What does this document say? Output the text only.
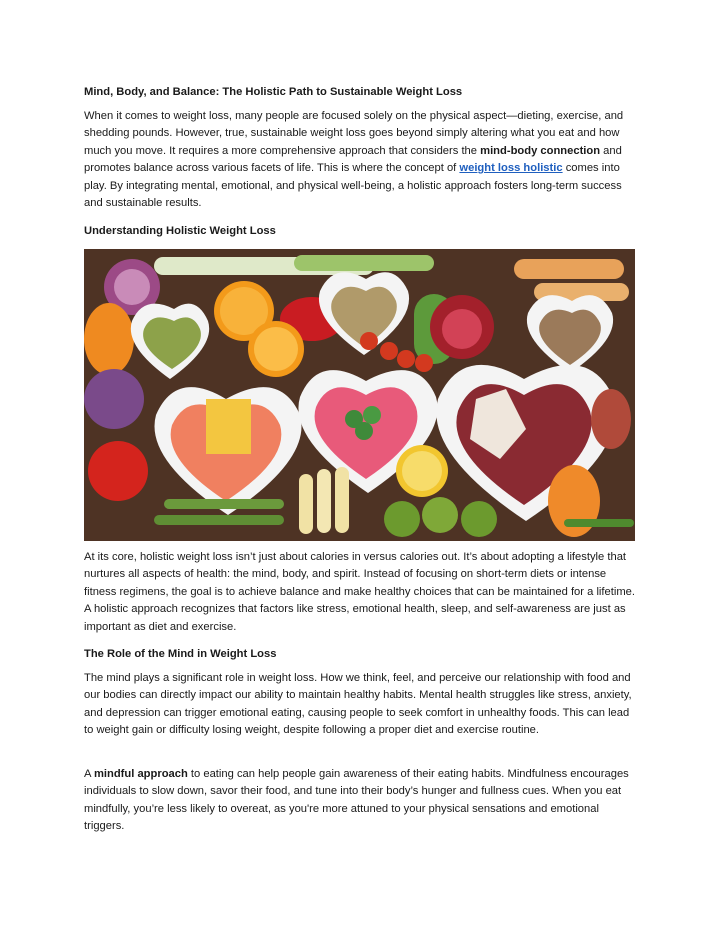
Mind, Body, and Balance: The Holistic Path to Sustainable Weight Loss

When it comes to weight loss, many people are focused solely on the physical aspect—dieting, exercise, and shedding pounds. However, true, sustainable weight loss goes beyond simply altering what you eat and how much you move. It requires a more comprehensive approach that considers the mind-body connection and promotes balance across various facets of life. This is where the concept of weight loss holistic comes into play. By integrating mental, emotional, and physical well-being, a holistic approach fosters long-term success and sustainable results.

Understanding Holistic Weight Loss

At its core, holistic weight loss isn’t just about calories in versus calories out. It’s about adopting a lifestyle that nurtures all aspects of health: the mind, body, and spirit. Instead of focusing on short-term diets or intense fitness regimens, the goal is to achieve balance and make healthy choices that can be maintained for a lifetime. A holistic approach recognizes that factors like stress, emotional health, sleep, and self-awareness are just as important as diet and exercise.

The Role of the Mind in Weight Loss

The mind plays a significant role in weight loss. How we think, feel, and perceive our relationship with food and our bodies can directly impact our ability to maintain healthy habits. Mental health struggles like stress, anxiety, and depression can trigger emotional eating, causing people to seek comfort in unhealthy foods. This can lead to weight gain or difficulty losing weight, despite following a proper diet and exercise routine.

A mindful approach to eating can help people gain awareness of their eating habits. Mindfulness encourages individuals to slow down, savor their food, and tune into their body’s hunger and fullness cues. When you eat mindfully, you’re less likely to overeat, as you're more attuned to your physical sensations and emotional triggers.
